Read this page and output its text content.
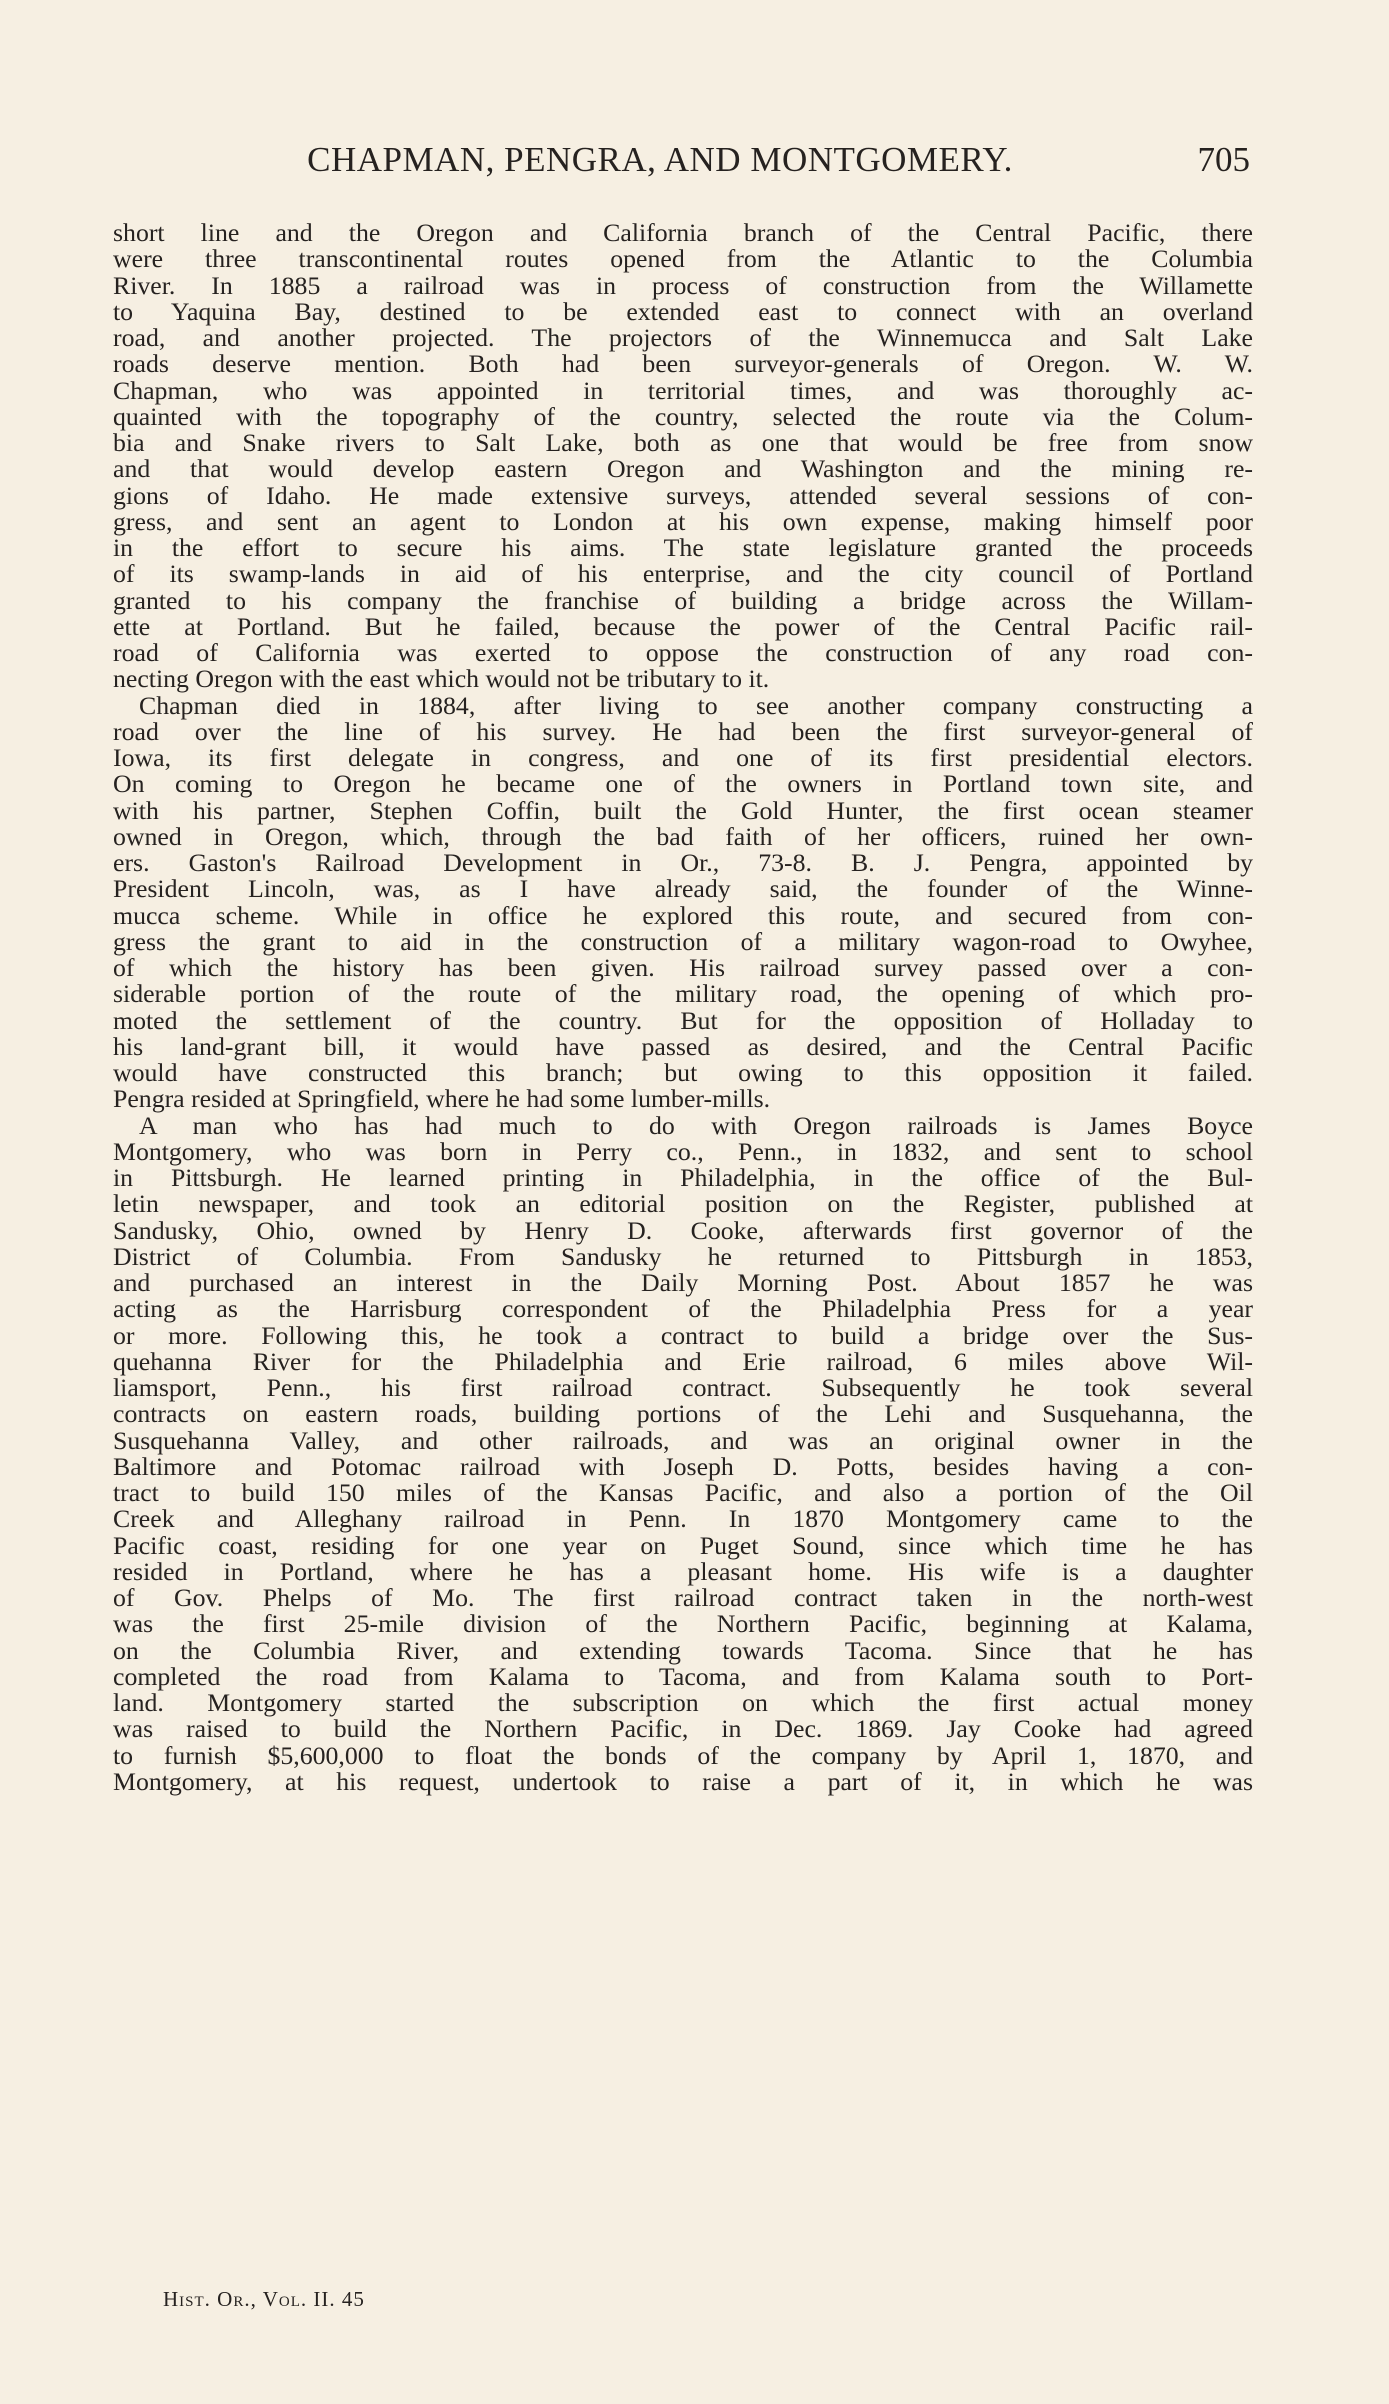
CHAPMAN, PENGRA, AND MONTGOMERY.	705
short line and the Oregon and California branch of the Central Pacific, there
were three transcontinental routes opened from the Atlantic to the Columbia
River. In 1885 a railroad was in process of construction from the Willamette
to Yaquina Bay, destined to be extended east to connect with an overland
road, and another projected. The projectors of the Winnemucca and Salt Lake
roads deserve mention. Both had been surveyor-generals of Oregon. W. W.
Chapman, who was appointed in territorial times, and was thoroughly ac-
quainted with the topography of the country, selected the route via the Colum-
bia and Snake rivers to Salt Lake, both as one that would be free from snow
and that would develop eastern Oregon and Washington and the mining re-
gions of Idaho. He made extensive surveys, attended several sessions of con-
gress, and sent an agent to London at his own expense, making himself poor
in the effort to secure his aims. The state legislature granted the proceeds
of its swamp-lands in aid of his enterprise, and the city council of Portland
granted to his company the franchise of building a bridge across the Willam-
ette at Portland. But he failed, because the power of the Central Pacific rail-
road of California was exerted to oppose the construction of any road con-
necting Oregon with the east which would not be tributary to it.
Chapman died in 1884, after living to see another company constructing a
road over the line of his survey. He had been the first surveyor-general of
Iowa, its first delegate in congress, and one of its first presidential electors.
On coming to Oregon he became one of the owners in Portland town site, and
with his partner, Stephen Coffin, built the Gold Hunter, the first ocean steamer
owned in Oregon, which, through the bad faith of her officers, ruined her own-
ers. Gaston's Railroad Development in Or., 73-8. B. J. Pengra, appointed by
President Lincoln, was, as I have already said, the founder of the Winne-
mucca scheme. While in office he explored this route, and secured from con-
gress the grant to aid in the construction of a military wagon-road to Owyhee,
of which the history has been given. His railroad survey passed over a con-
siderable portion of the route of the military road, the opening of which pro-
moted the settlement of the country. But for the opposition of Holladay to
his land-grant bill, it would have passed as desired, and the Central Pacific
would have constructed this branch; but owing to this opposition it failed.
Pengra resided at Springfield, where he had some lumber-mills.
A man who has had much to do with Oregon railroads is James Boyce
Montgomery, who was born in Perry co., Penn., in 1832, and sent to school
in Pittsburgh. He learned printing in Philadelphia, in the office of the Bul-
letin newspaper, and took an editorial position on the Register, published at
Sandusky, Ohio, owned by Henry D. Cooke, afterwards first governor of the
District of Columbia. From Sandusky he returned to Pittsburgh in 1853,
and purchased an interest in the Daily Morning Post. About 1857 he was
acting as the Harrisburg correspondent of the Philadelphia Press for a year
or more. Following this, he took a contract to build a bridge over the Sus-
quehanna River for the Philadelphia and Erie railroad, 6 miles above Wil-
liamsport, Penn., his first railroad contract. Subsequently he took several
contracts on eastern roads, building portions of the Lehi and Susquehanna, the
Susquehanna Valley, and other railroads, and was an original owner in the
Baltimore and Potomac railroad with Joseph D. Potts, besides having a con-
tract to build 150 miles of the Kansas Pacific, and also a portion of the Oil
Creek and Alleghany railroad in Penn. In 1870 Montgomery came to the
Pacific coast, residing for one year on Puget Sound, since which time he has
resided in Portland, where he has a pleasant home. His wife is a daughter
of Gov. Phelps of Mo. The first railroad contract taken in the north-west
was the first 25-mile division of the Northern Pacific, beginning at Kalama,
on the Columbia River, and extending towards Tacoma. Since that he has
completed the road from Kalama to Tacoma, and from Kalama south to Port-
land. Montgomery started the subscription on which the first actual money
was raised to build the Northern Pacific, in Dec. 1869. Jay Cooke had agreed
to furnish $5,600,000 to float the bonds of the company by April 1, 1870, and
Montgomery, at his request, undertook to raise a part of it, in which he was
Hist. Or., Vol. II. 45
